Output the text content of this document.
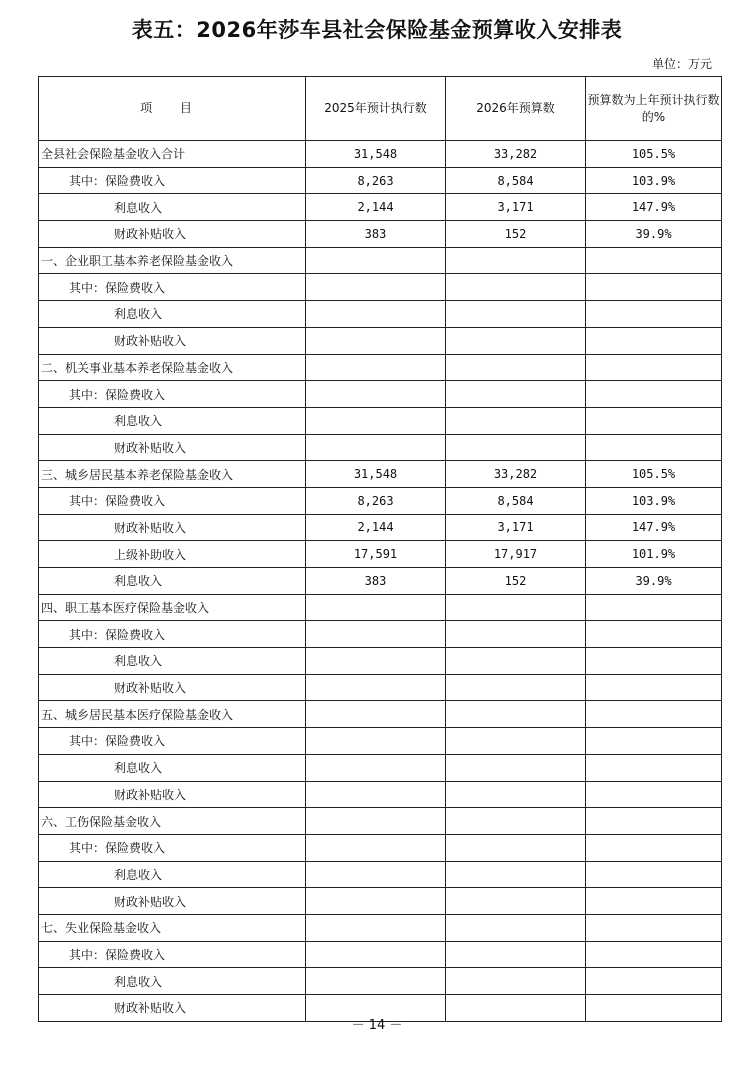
表五：2026年莎车县社会保险基金预算收入安排表
单位：万元
项 目	2025年预计执行数	2026年预算数	预算数为上年预计执行数的%
全县社会保险基金收入合计	31,548	33,282	105.5%
其中：保险费收入	8,263	8,584	103.9%
利息收入	2,144	3,171	147.9%
财政补贴收入	383	152	39.9%
一、企业职工基本养老保险基金收入			
其中：保险费收入			
利息收入			
财政补贴收入			
二、机关事业基本养老保险基金收入			
其中：保险费收入			
利息收入			
财政补贴收入			
三、城乡居民基本养老保险基金收入	31,548	33,282	105.5%
其中：保险费收入	8,263	8,584	103.9%
财政补贴收入	2,144	3,171	147.9%
上级补助收入	17,591	17,917	101.9%
利息收入	383	152	39.9%
四、职工基本医疗保险基金收入			
其中：保险费收入			
利息收入			
财政补贴收入			
五、城乡居民基本医疗保险基金收入			
其中：保险费收入			
利息收入			
财政补贴收入			
六、工伤保险基金收入			
其中：保险费收入			
利息收入			
财政补贴收入			
七、失业保险基金收入			
其中：保险费收入			
利息收入			
财政补贴收入			
－ 14 －
